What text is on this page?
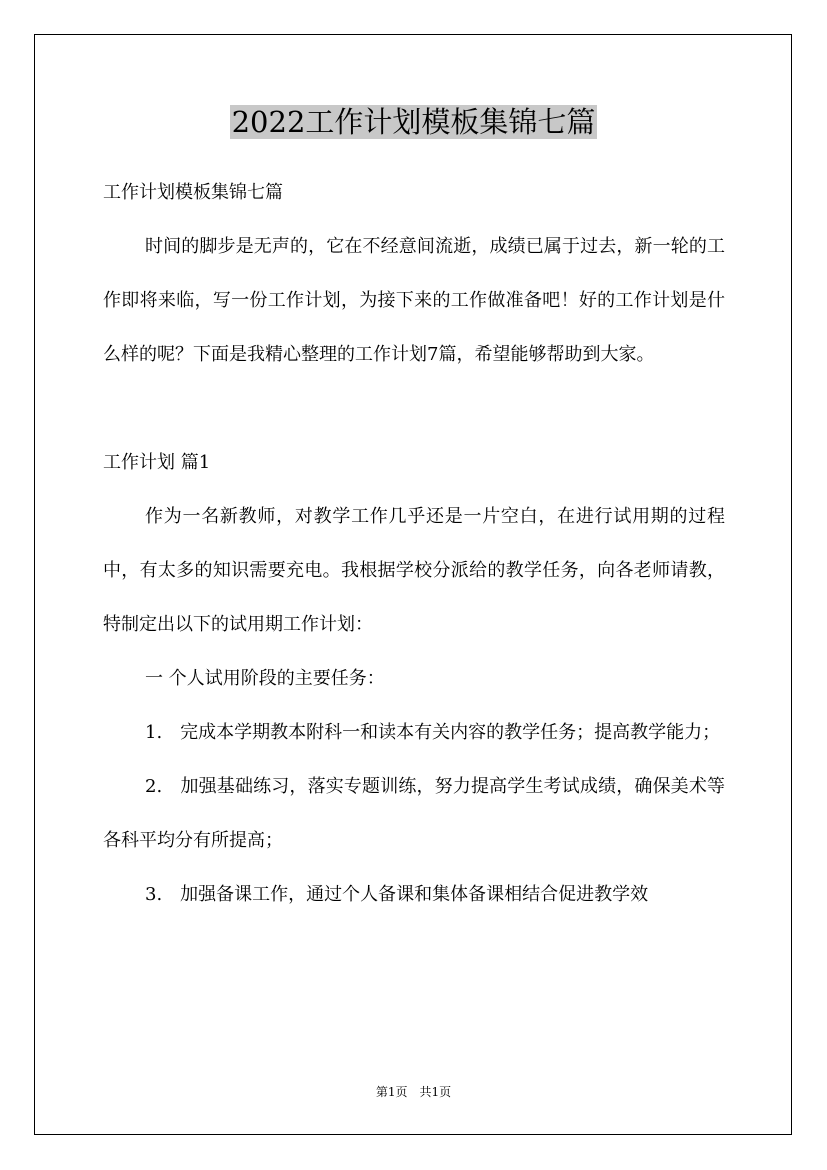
2022工作计划模板集锦七篇

工作计划模板集锦七篇

时间的脚步是无声的，它在不经意间流逝，成绩已属于过去，新一轮的工作即将来临，写一份工作计划，为接下来的工作做准备吧！好的工作计划是什么样的呢？下面是我精心整理的工作计划7篇，希望能够帮助到大家。

工作计划 篇1

作为一名新教师，对教学工作几乎还是一片空白，在进行试用期的过程中，有太多的知识需要充电。我根据学校分派给的教学任务，向各老师请教，特制定出以下的试用期工作计划：

一 个人试用阶段的主要任务：

1.　完成本学期教本附科一和读本有关内容的教学任务；提高教学能力；

2.　加强基础练习，落实专题训练，努力提高学生考试成绩，确保美术等各科平均分有所提高；

3.　加强备课工作，通过个人备课和集体备课相结合促进教学效

第1页　共1页
